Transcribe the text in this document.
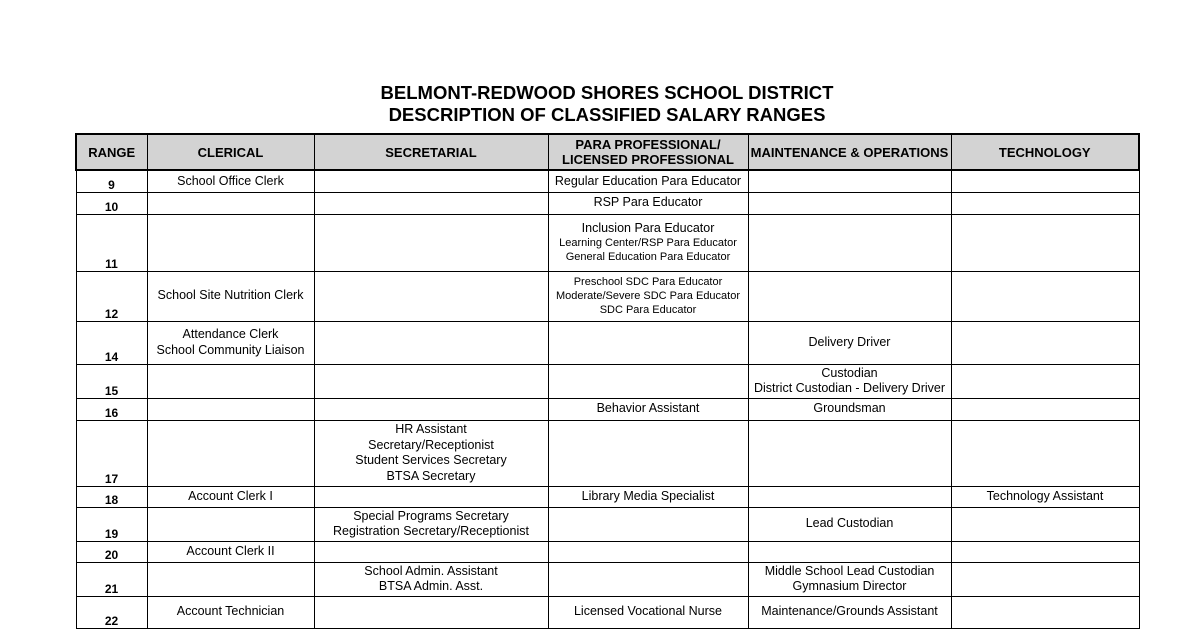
BELMONT-REDWOOD SHORES SCHOOL DISTRICT
DESCRIPTION OF CLASSIFIED SALARY RANGES
RANGE	CLERICAL	SECRETARIAL	PARA PROFESSIONAL/
LICENSED PROFESSIONAL	MAINTENANCE & OPERATIONS	TECHNOLOGY
9	School Office Clerk		Regular Education Para Educator		

10			RSP Para Educator		

11			Inclusion Para Educator
Learning Center/RSP Para Educator
General Education Para Educator		

12	School Site Nutrition Clerk		Preschool SDC Para Educator
Moderate/Severe SDC Para Educator
SDC Para Educator		

14	Attendance Clerk
School Community Liaison			Delivery Driver	

15				Custodian
District Custodian - Delivery Driver	

16			Behavior Assistant	Groundsman	

17		HR Assistant
Secretary/Receptionist
Student Services Secretary
BTSA Secretary			

18	Account Clerk I		Library Media Specialist		Technology Assistant

19		Special Programs Secretary
Registration Secretary/Receptionist		Lead Custodian	

20	Account Clerk II				

21		School Admin. Assistant
BTSA Admin. Asst.		Middle School Lead Custodian
Gymnasium Director	

22	Account Technician		Licensed Vocational Nurse	Maintenance/Grounds Assistant	
